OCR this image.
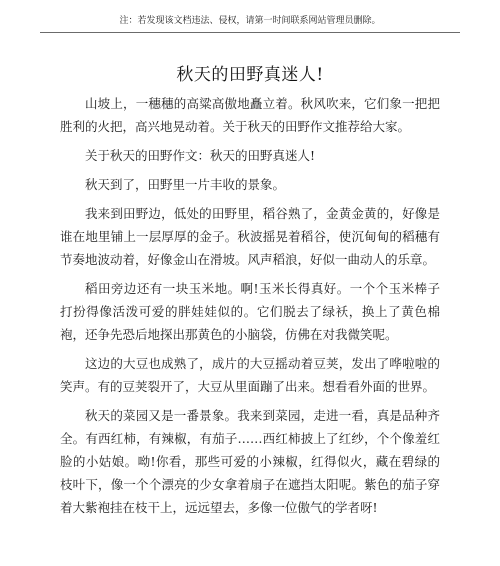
注：若发现该文档违法、侵权，请第一时间联系网站管理员删除。
秋天的田野真迷人!

山坡上，一穗穗的高粱高傲地矗立着。秋风吹来，它们象一把把胜利的火把，高兴地晃动着。关于秋天的田野作文推荐给大家。

关于秋天的田野作文：秋天的田野真迷人!

秋天到了，田野里一片丰收的景象。

我来到田野边，低处的田野里，稻谷熟了，金黄金黄的，好像是谁在地里铺上一层厚厚的金子。秋波摇晃着稻谷，使沉甸甸的稻穗有节奏地波动着，好像金山在滑坡。风声稻浪，好似一曲动人的乐章。

稻田旁边还有一块玉米地。啊!玉米长得真好。一个个玉米棒子打扮得像活泼可爱的胖娃娃似的。它们脱去了绿袄，换上了黄色棉袍，还争先恐后地探出那黄色的小脑袋，仿佛在对我微笑呢。

这边的大豆也成熟了，成片的大豆摇动着豆荚，发出了哗啦啦的笑声。有的豆荚裂开了，大豆从里面蹦了出来。想看看外面的世界。

秋天的菜园又是一番景象。我来到菜园，走进一看，真是品种齐全。有西红柿，有辣椒，有茄子……西红柿披上了红纱，个个像羞红脸的小姑娘。呦!你看，那些可爱的小辣椒，红得似火，藏在碧绿的枝叶下，像一个个漂亮的少女拿着扇子在遮挡太阳呢。紫色的茄子穿着大紫袍挂在枝干上，远远望去，多像一位傲气的学者呀!
